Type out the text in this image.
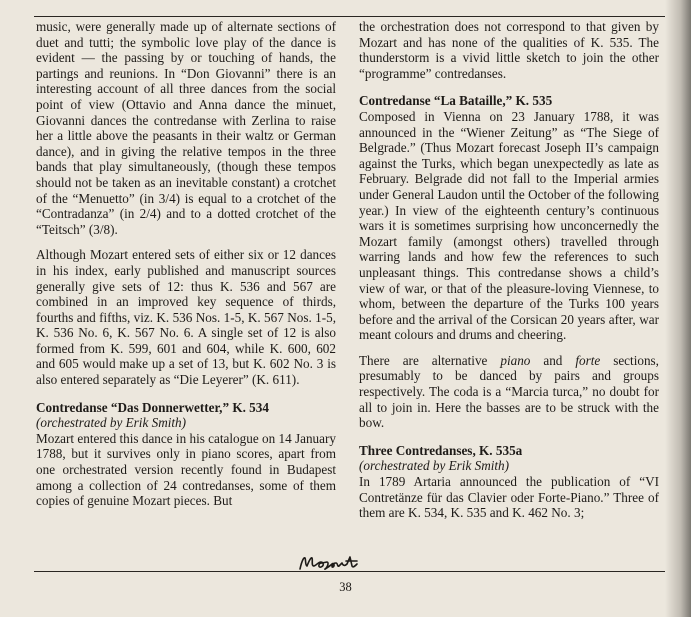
music, were generally made up of alternate sections of duet and tutti; the symbolic love play of the dance is evident — the passing by or touching of hands, the partings and reunions. In “Don Giovanni” there is an interesting account of all three dances from the social point of view (Ottavio and Anna dance the minuet, Giovanni dances the contredanse with Zerlina to raise her a little above the peasants in their waltz or German dance), and in giving the relative tempos in the three bands that play simultaneously, (though these tempos should not be taken as an inevitable constant) a crotchet of the “Menuetto” (in 3/4) is equal to a crotchet of the “Contradanza” (in 2/4) and to a dotted crotchet of the “Teitsch” (3/8).

Although Mozart entered sets of either six or 12 dances in his index, early published and manuscript sources generally give sets of 12: thus K. 536 and 567 are combined in an improved key sequence of thirds, fourths and fifths, viz. K. 536 Nos. 1-5, K. 567 Nos. 1-5, K. 536 No. 6, K. 567 No. 6. A single set of 12 is also formed from K. 599, 601 and 604, while K. 600, 602 and 605 would make up a set of 13, but K. 602 No. 3 is also entered separately as “Die Leyerer” (K. 611).

Contredanse “Das Donnerwetter,” K. 534

(orchestrated by Erik Smith)

Mozart entered this dance in his catalogue on 14 January 1788, but it survives only in piano scores, apart from one orchestrated version recently found in Budapest among a collection of 24 contredanses, some of them copies of genuine Mozart pieces. But

the orchestration does not correspond to that given by Mozart and has none of the qualities of K. 535. The thunderstorm is a vivid little sketch to join the other “programme” contredanses.

Contredanse “La Bataille,” K. 535

Composed in Vienna on 23 January 1788, it was announced in the “Wiener Zeitung” as “The Siege of Belgrade.” (Thus Mozart forecast Joseph II’s campaign against the Turks, which began unexpectedly as late as February. Belgrade did not fall to the Imperial armies under General Laudon until the October of the following year.) In view of the eighteenth century’s continuous wars it is sometimes surprising how unconcernedly the Mozart family (amongst others) travelled through warring lands and how few the references to such unpleasant things. This contredanse shows a child’s view of war, or that of the pleasure-loving Viennese, to whom, between the departure of the Turks 100 years before and the arrival of the Corsican 20 years after, war meant colours and drums and cheering.

There are alternative piano and forte sections, presumably to be danced by pairs and groups respectively. The coda is a “Marcia turca,” no doubt for all to join in. Here the basses are to be struck with the bow.

Three Contredanses, K. 535a

(orchestrated by Erik Smith)

In 1789 Artaria announced the publication of “VI Contretänze für das Clavier oder Forte-Piano.” Three of them are K. 534, K. 535 and K. 462 No. 3;

38
